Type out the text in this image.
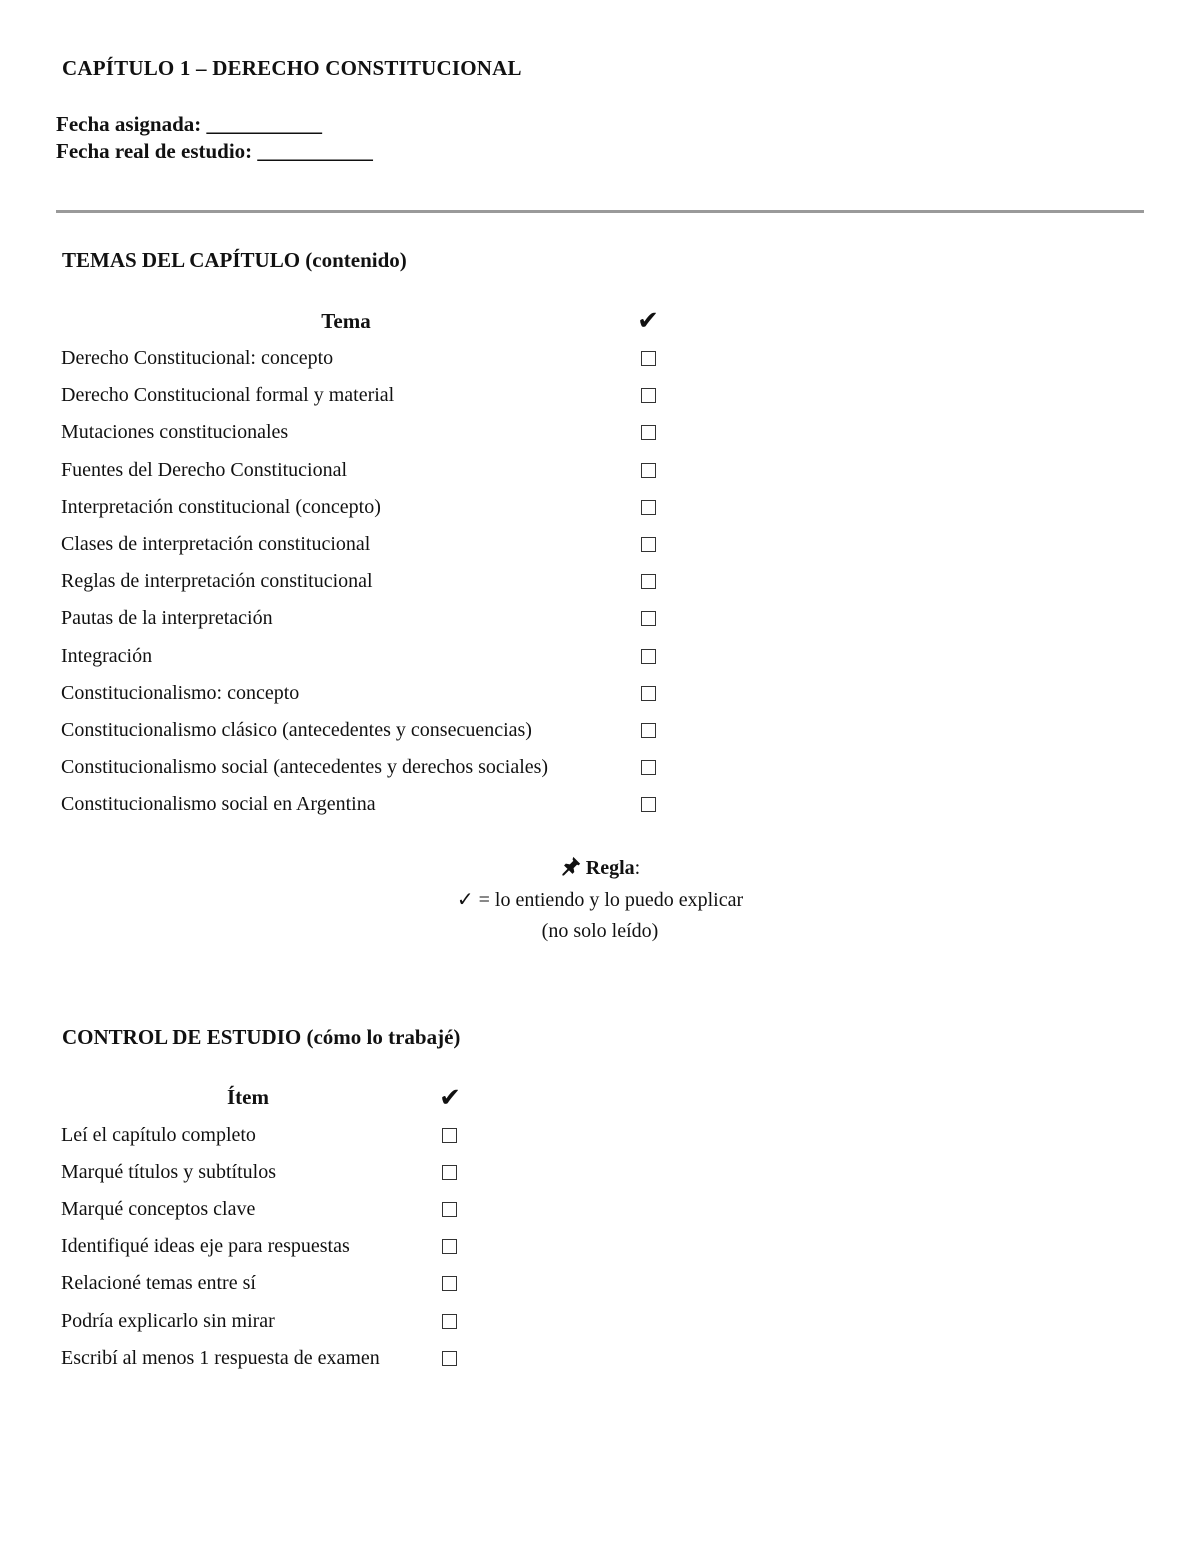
CAPÍTULO 1 – DERECHO CONSTITUCIONAL
Fecha asignada: ___________
Fecha real de estudio: ___________
TEMAS DEL CAPÍTULO (contenido)
Tema	✔
Derecho Constitucional: concepto
Derecho Constitucional formal y material
Mutaciones constitucionales
Fuentes del Derecho Constitucional
Interpretación constitucional (concepto)
Clases de interpretación constitucional
Reglas de interpretación constitucional
Pautas de la interpretación
Integración
Constitucionalismo: concepto
Constitucionalismo clásico (antecedentes y consecuencias)
Constitucionalismo social (antecedentes y derechos sociales)
Constitucionalismo social en Argentina
Regla:
✓ = lo entiendo y lo puedo explicar
(no solo leído)
CONTROL DE ESTUDIO (cómo lo trabajé)
Ítem	✔
Leí el capítulo completo
Marqué títulos y subtítulos
Marqué conceptos clave
Identifiqué ideas eje para respuestas
Relacioné temas entre sí
Podría explicarlo sin mirar
Escribí al menos 1 respuesta de examen
